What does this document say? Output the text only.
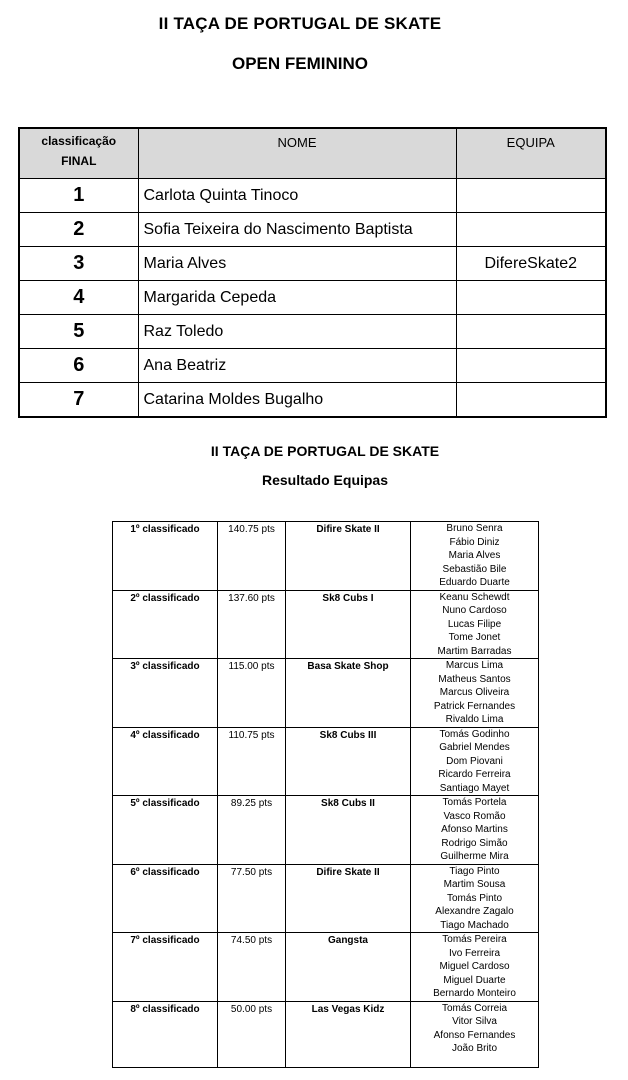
II TAÇA DE PORTUGAL DE SKATE
OPEN FEMININO
classificação
FINAL	NOME	EQUIPA
1	Carlota Quinta Tinoco	
2	Sofia Teixeira do Nascimento Baptista	
3	Maria Alves	DifereSkate2
4	Margarida Cepeda	
5	Raz Toledo	
6	Ana Beatriz	
7	Catarina Moldes Bugalho	
II TAÇA DE PORTUGAL DE SKATE
Resultado Equipas
1º classificado	140.75 pts	Difire Skate II	Bruno Senra
Fábio Diniz
Maria Alves
Sebastião Bile
Eduardo Duarte

2º classificado	137.60 pts	Sk8 Cubs I	Keanu Schewdt
Nuno Cardoso
Lucas Filipe
Tome Jonet
Martim Barradas

3º classificado	115.00 pts	Basa Skate Shop	Marcus Lima
Matheus Santos
Marcus Oliveira
Patrick Fernandes
Rivaldo Lima

4º classificado	110.75 pts	Sk8 Cubs III	Tomás Godinho
Gabriel Mendes
Dom Piovani
Ricardo Ferreira
Santiago Mayet

5º classificado	89.25 pts	Sk8 Cubs II	Tomás Portela
Vasco Romão
Afonso Martins
Rodrigo Simão
Guilherme Mira

6º classificado	77.50 pts	Difire Skate II	Tiago Pinto
Martim Sousa
Tomás Pinto
Alexandre Zagalo
Tiago Machado

7º classificado	74.50 pts	Gangsta	Tomás Pereira
Ivo Ferreira
Miguel Cardoso
Miguel Duarte
Bernardo Monteiro

8º classificado	50.00 pts	Las Vegas Kidz	Tomás Correia
Vitor Silva
Afonso Fernandes
João Brito
